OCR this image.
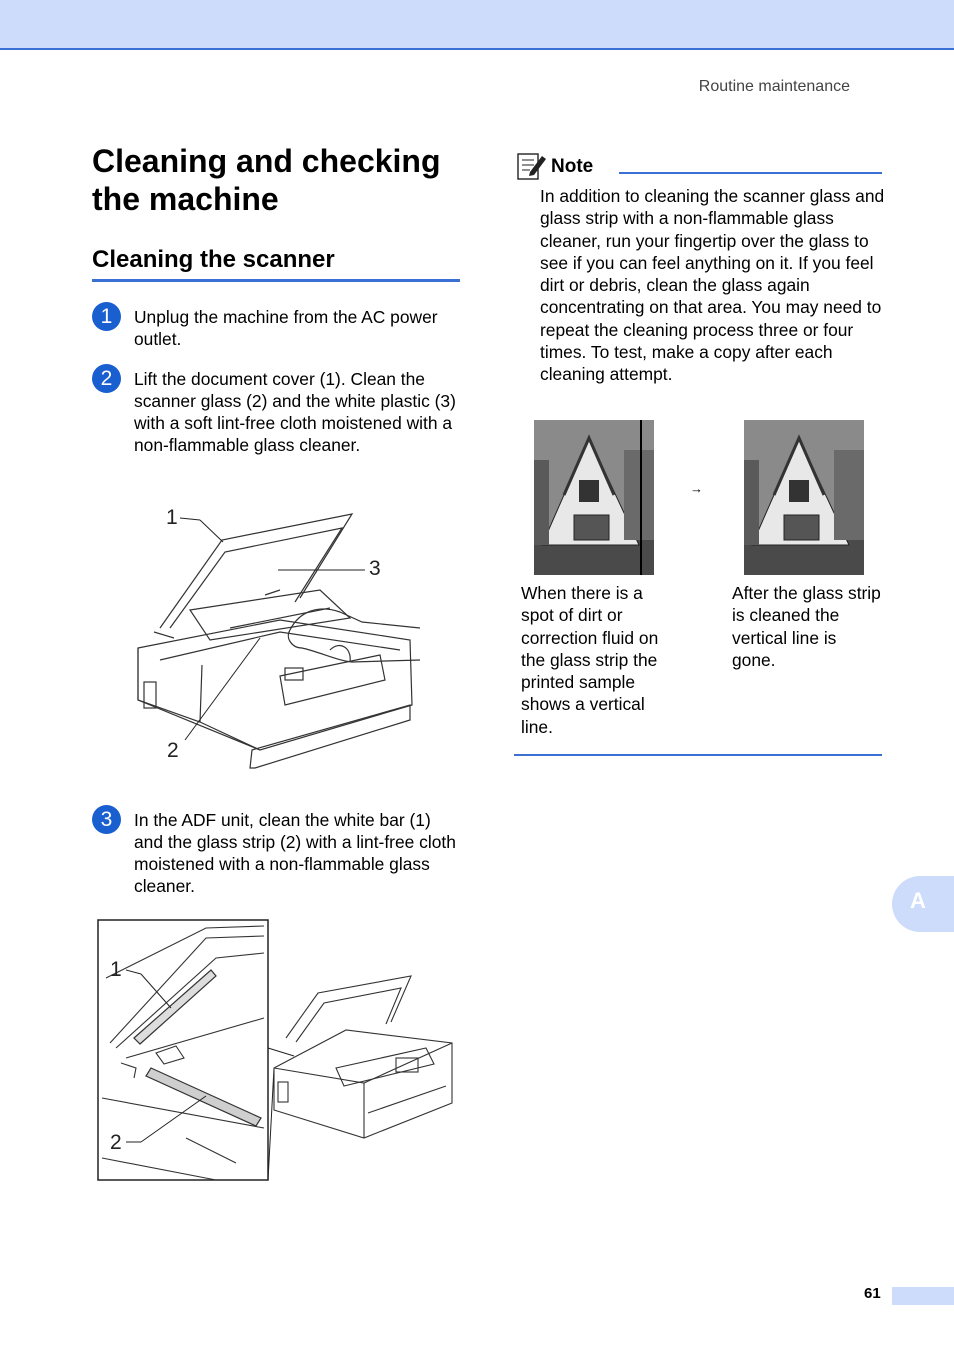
Routine maintenance
Cleaning and checking the machine
Cleaning the scanner
1	Unplug the machine from the AC power outlet.
2	Lift the document cover (1). Clean the scanner glass (2) and the white plastic (3) with a soft lint-free cloth moistened with a non-flammable glass cleaner.
1
3
2
3	In the ADF unit, clean the white bar (1) and the glass strip (2) with a lint-free cloth moistened with a non-flammable glass cleaner.
1
2
Note
In addition to cleaning the scanner glass and glass strip with a non-flammable glass cleaner, run your fingertip over the glass to see if you can feel anything on it. If you feel dirt or debris, clean the glass again concentrating on that area. You may need to repeat the cleaning process three or four times. To test, make a copy after each cleaning attempt.
→
When there is a spot of dirt or correction fluid on the glass strip the printed sample shows a vertical line.
After the glass strip is cleaned the vertical line is gone.
A
61
